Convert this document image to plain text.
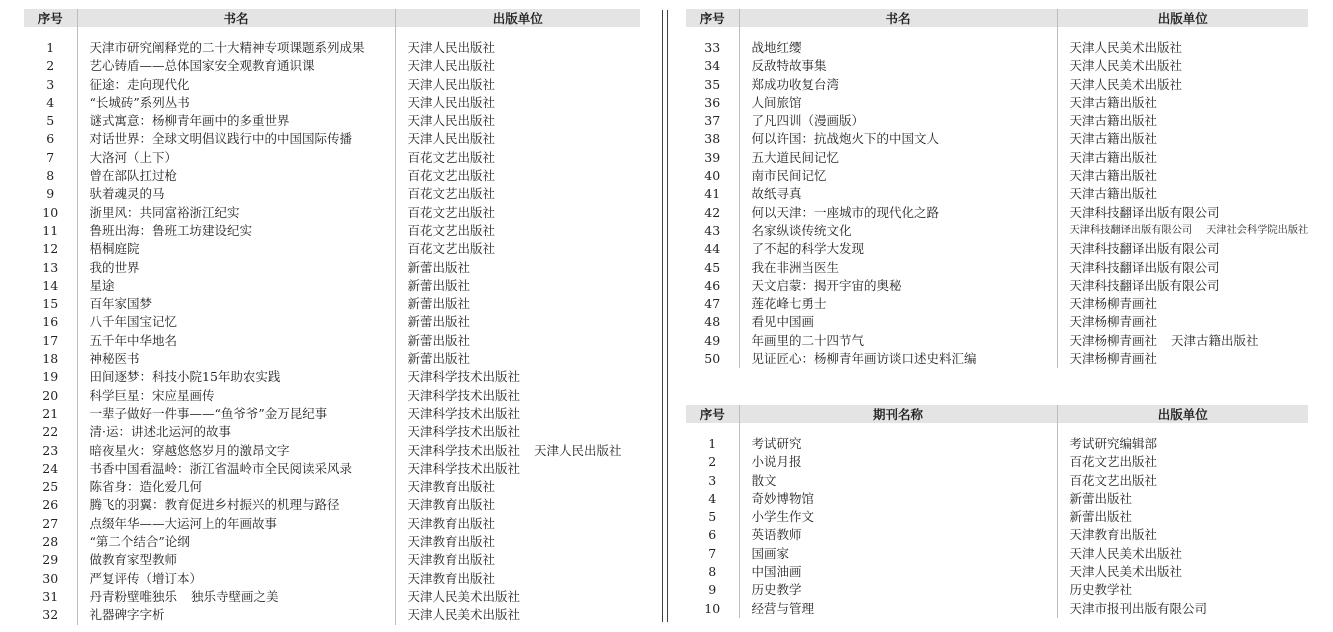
序号	书名	出版单位

1	天津市研究阐释党的二十大精神专项课题系列成果	天津人民出版社
2	艺心铸盾——总体国家安全观教育通识课	天津人民出版社
3	征途：走向现代化	天津人民出版社
4	“长城砖”系列丛书	天津人民出版社
5	谜式寓意：杨柳青年画中的多重世界	天津人民出版社
6	对话世界：全球文明倡议践行中的中国国际传播	天津人民出版社
7	大洛河（上下）	百花文艺出版社
8	曾在部队扛过枪	百花文艺出版社
9	驮着魂灵的马	百花文艺出版社
10	浙里风：共同富裕浙江纪实	百花文艺出版社
11	鲁班出海：鲁班工坊建设纪实	百花文艺出版社
12	梧桐庭院	百花文艺出版社
13	我的世界	新蕾出版社
14	星途	新蕾出版社
15	百年家国梦	新蕾出版社
16	八千年国宝记忆	新蕾出版社
17	五千年中华地名	新蕾出版社
18	神秘医书	新蕾出版社
19	田间逐梦：科技小院15年助农实践	天津科学技术出版社
20	科学巨星：宋应星画传	天津科学技术出版社
21	一辈子做好一件事——“鱼爷爷”金万昆纪事	天津科学技术出版社
22	清·运：讲述北运河的故事	天津科学技术出版社
23	暗夜星火：穿越悠悠岁月的激昂文字	天津科学技术出版社 天津人民出版社
24	书香中国看温岭：浙江省温岭市全民阅读采风录	天津科学技术出版社
25	陈省身：造化爱几何	天津教育出版社
26	腾飞的羽翼：教育促进乡村振兴的机理与路径	天津教育出版社
27	点缀年华——大运河上的年画故事	天津教育出版社
28	“第二个结合”论纲	天津教育出版社
29	做教育家型教师	天津教育出版社
30	严复评传（增订本）	天津教育出版社
31	丹青粉壁唯独乐 独乐寺壁画之美	天津人民美术出版社
32	礼器碑字字析	天津人民美术出版社
序号	书名	出版单位

33	战地红缨	天津人民美术出版社
34	反敌特故事集	天津人民美术出版社
35	郑成功收复台湾	天津人民美术出版社
36	人间旅馆	天津古籍出版社
37	了凡四训（漫画版）	天津古籍出版社
38	何以许国：抗战炮火下的中国文人	天津古籍出版社
39	五大道民间记忆	天津古籍出版社
40	南市民间记忆	天津古籍出版社
41	故纸寻真	天津古籍出版社
42	何以天津：一座城市的现代化之路	天津科技翻译出版有限公司
43	名家纵谈传统文化	天津科技翻译出版有限公司 天津社会科学院出版社
44	了不起的科学大发现	天津科技翻译出版有限公司
45	我在非洲当医生	天津科技翻译出版有限公司
46	天文启蒙：揭开宇宙的奥秘	天津科技翻译出版有限公司
47	莲花峰七勇士	天津杨柳青画社
48	看见中国画	天津杨柳青画社
49	年画里的二十四节气	天津杨柳青画社 天津古籍出版社
50	见证匠心：杨柳青年画访谈口述史料汇编	天津杨柳青画社
序号	期刊名称	出版单位

1	考试研究	考试研究编辑部
2	小说月报	百花文艺出版社
3	散文	百花文艺出版社
4	奇妙博物馆	新蕾出版社
5	小学生作文	新蕾出版社
6	英语教师	天津教育出版社
7	国画家	天津人民美术出版社
8	中国油画	天津人民美术出版社
9	历史教学	历史教学社
10	经营与管理	天津市报刊出版有限公司
